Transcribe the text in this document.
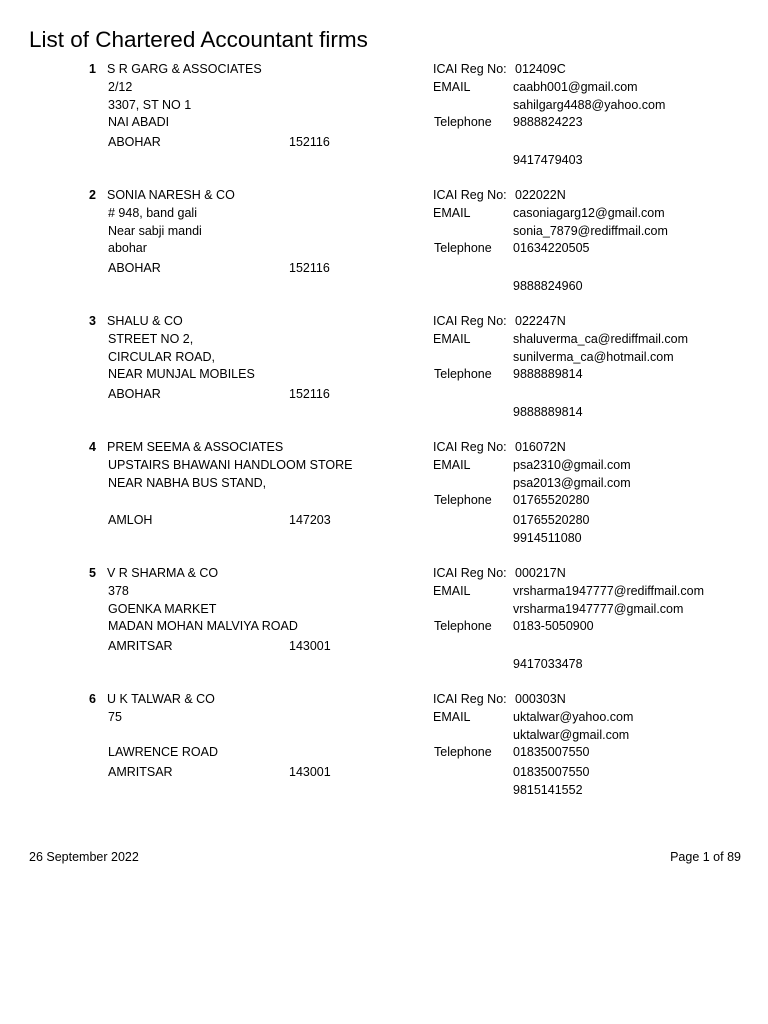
List of Chartered Accountant firms
1 S R GARG & ASSOCIATES
2/12
3307, ST NO 1
NAI ABADI
ABOHAR	152116
ICAI Reg No: 012409C
EMAIL	caabh001@gmail.com
sahilgarg4488@yahoo.com
Telephone 9888824223
9417479403
2 SONIA NARESH & CO
# 948, band gali
Near sabji mandi
abohar
ABOHAR	152116
ICAI Reg No: 022022N
EMAIL	casoniagarg12@gmail.com
sonia_7879@rediffmail.com
Telephone 01634220505
9888824960
3 SHALU & CO
STREET NO 2,
CIRCULAR ROAD,
NEAR MUNJAL MOBILES
ABOHAR	152116
ICAI Reg No: 022247N
EMAIL	shaluverma_ca@rediffmail.com
sunilverma_ca@hotmail.com
Telephone 9888889814
9888889814
4 PREM SEEMA & ASSOCIATES
UPSTAIRS BHAWANI HANDLOOM STORE
NEAR NABHA BUS STAND,
AMLOH	147203
ICAI Reg No: 016072N
EMAIL	psa2310@gmail.com
psa2013@gmail.com
Telephone 01765520280
01765520280
9914511080
5 V R SHARMA & CO
378
GOENKA MARKET
MADAN MOHAN MALVIYA ROAD
AMRITSAR	143001
ICAI Reg No: 000217N
EMAIL	vrsharma1947777@rediffmail.com
vrsharma1947777@gmail.com
Telephone 0183-5050900
9417033478
6 U K TALWAR & CO
75
LAWRENCE ROAD
AMRITSAR	143001
ICAI Reg No: 000303N
EMAIL	uktalwar@yahoo.com
uktalwar@gmail.com
Telephone 01835007550
01835007550
9815141552
26 September 2022	Page 1 of 89
